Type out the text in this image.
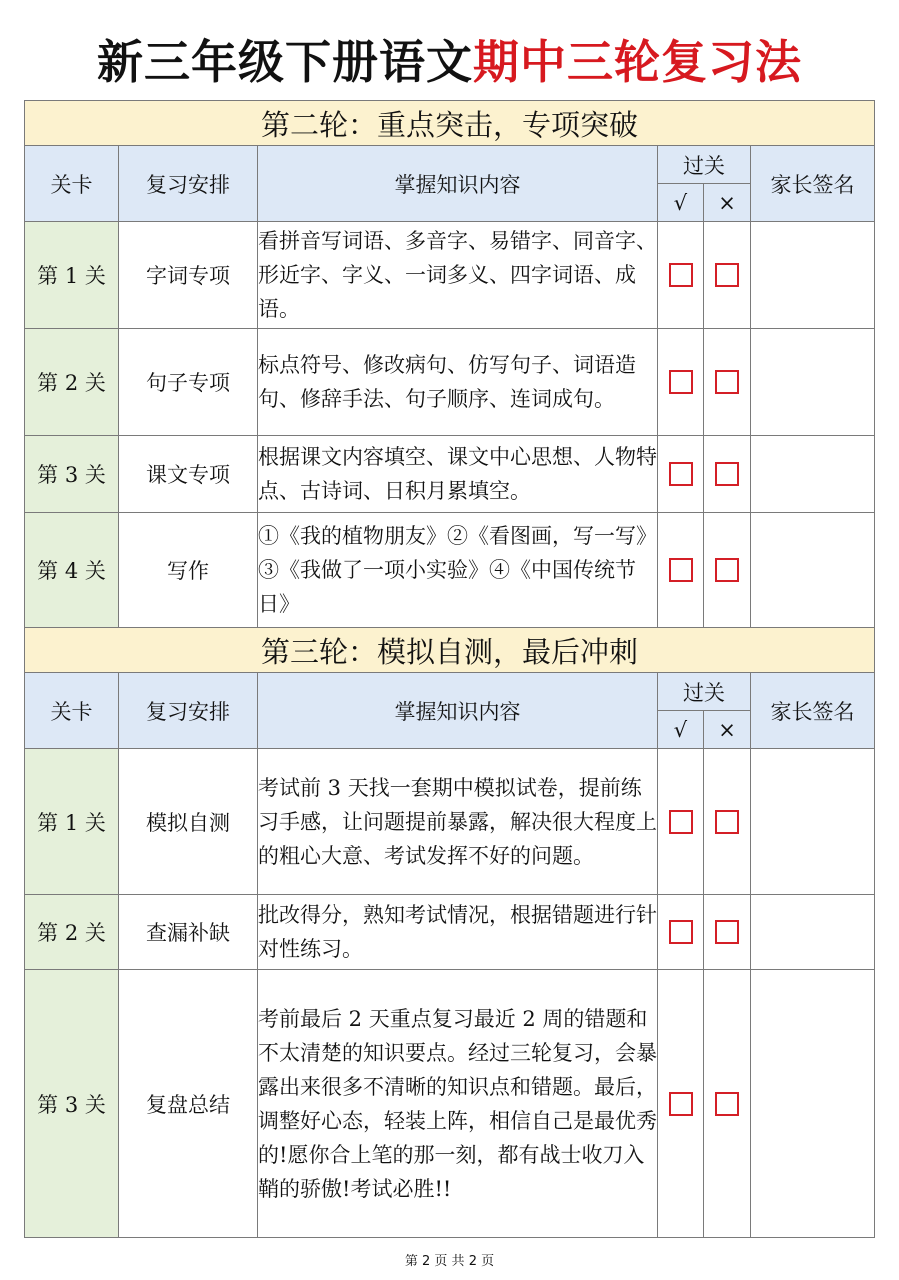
新三年级下册语文期中三轮复习法
第二轮：重点突击，专项突破					
关卡	复习安排	掌握知识内容	过关		家长签名
			√	×	
第 1 关	字词专项	看拼音写词语、多音字、易错字、同音字、形近字、字义、一词多义、四字词语、成语。			
第 2 关	句子专项	标点符号、修改病句、仿写句子、词语造句、修辞手法、句子顺序、连词成句。			
第 3 关	课文专项	根据课文内容填空、课文中心思想、人物特点、古诗词、日积月累填空。			
第 4 关	写作	①《我的植物朋友》②《看图画，写一写》③《我做了一项小实验》④《中国传统节日》			
第三轮：模拟自测，最后冲刺					
关卡	复习安排	掌握知识内容	过关		家长签名
			√	×	
第 1 关	模拟自测	考试前 3 天找一套期中模拟试卷，提前练习手感，让问题提前暴露，解决很大程度上的粗心大意、考试发挥不好的问题。			
第 2 关	查漏补缺	批改得分，熟知考试情况，根据错题进行针对性练习。			
第 3 关	复盘总结	考前最后 2 天重点复习最近 2 周的错题和不太清楚的知识要点。经过三轮复习，会暴露出来很多不清晰的知识点和错题。最后，调整好心态，轻装上阵，相信自己是最优秀的!愿你合上笔的那一刻，都有战士收刀入鞘的骄傲!考试必胜!!			
第 2 页 共 2 页
